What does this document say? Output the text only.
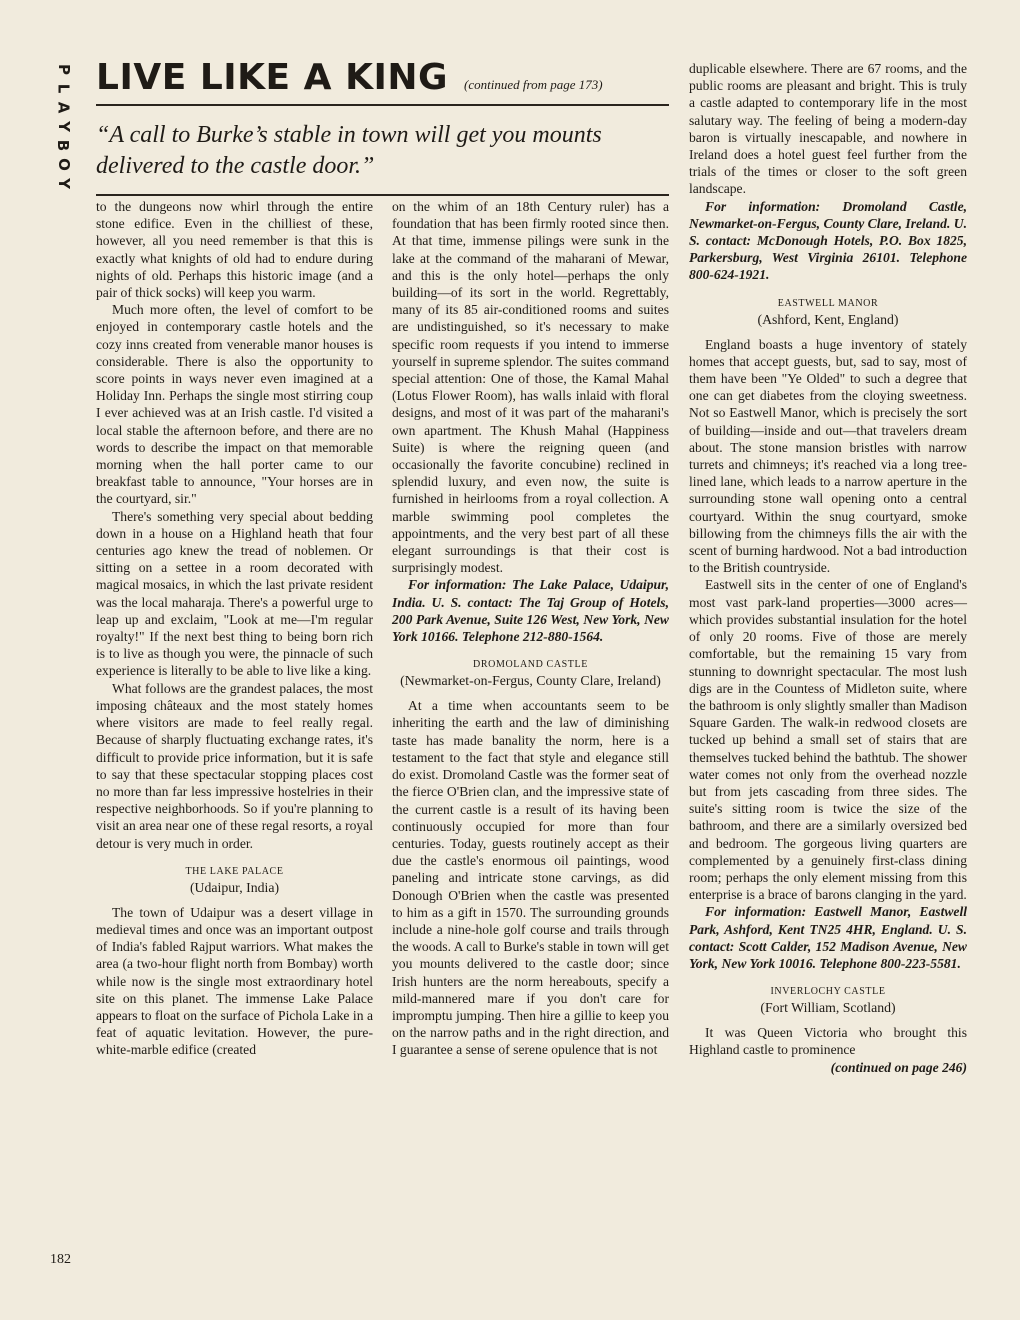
P
L
A
Y
B
O
Y
LIVE LIKE A KING (continued from page 173)
“A call to Burke’s stable in town will get you mounts delivered to the castle door.”

to the dungeons now whirl through the entire stone edifice. Even in the chilliest of these, however, all you need remember is that this is exactly what knights of old had to endure during nights of old. Perhaps this historic image (and a pair of thick socks) will keep you warm.

Much more often, the level of comfort to be enjoyed in contemporary castle hotels and the cozy inns created from venerable manor houses is considerable. There is also the opportunity to score points in ways never even imagined at a Holiday Inn. Perhaps the single most stirring coup I ever achieved was at an Irish castle. I'd visited a local stable the afternoon before, and there are no words to describe the impact on that memorable morning when the hall porter came to our breakfast table to announce, "Your horses are in the courtyard, sir."

There's something very special about bedding down in a house on a Highland heath that four centuries ago knew the tread of noblemen. Or sitting on a settee in a room decorated with magical mosaics, in which the last private resident was the local maharaja. There's a powerful urge to leap up and exclaim, "Look at me—I'm regular royalty!" If the next best thing to being born rich is to live as though you were, the pinnacle of such experience is literally to be able to live like a king.

What follows are the grandest palaces, the most imposing châteaux and the most stately homes where visitors are made to feel really regal. Because of sharply fluctuating exchange rates, it's difficult to provide price information, but it is safe to say that these spectacular stopping places cost no more than far less impressive hostelries in their respective neighborhoods. So if you're planning to visit an area near one of these regal resorts, a royal detour is very much in order.

THE LAKE PALACE
(Udaipur, India)

The town of Udaipur was a desert village in medieval times and once was an important outpost of India's fabled Rajput warriors. What makes the area (a two-hour flight north from Bombay) worth while now is the single most extraordinary hotel site on this planet. The immense Lake Palace appears to float on the surface of Pichola Lake in a feat of aquatic levitation. However, the pure-white-marble edifice (created

on the whim of an 18th Century ruler) has a foundation that has been firmly rooted since then. At that time, immense pilings were sunk in the lake at the command of the maharani of Mewar, and this is the only hotel—perhaps the only building—of its sort in the world. Regrettably, many of its 85 air-conditioned rooms and suites are undistinguished, so it's necessary to make specific room requests if you intend to immerse yourself in supreme splendor. The suites command special attention: One of those, the Kamal Mahal (Lotus Flower Room), has walls inlaid with floral designs, and most of it was part of the maharani's own apartment. The Khush Mahal (Happiness Suite) is where the reigning queen (and occasionally the favorite concubine) reclined in splendid luxury, and even now, the suite is furnished in heirlooms from a royal collection. A marble swimming pool completes the appointments, and the very best part of all these elegant surroundings is that their cost is surprisingly modest.

For information: The Lake Palace, Udaipur, India. U. S. contact: The Taj Group of Hotels, 200 Park Avenue, Suite 126 West, New York, New York 10166. Telephone 212-880-1564.

DROMOLAND CASTLE
(Newmarket-on-Fergus, County Clare, Ireland)

At a time when accountants seem to be inheriting the earth and the law of diminishing taste has made banality the norm, here is a testament to the fact that style and elegance still do exist. Dromoland Castle was the former seat of the fierce O'Brien clan, and the impressive state of the current castle is a result of its having been continuously occupied for more than four centuries. Today, guests routinely accept as their due the castle's enormous oil paintings, wood paneling and intricate stone carvings, as did Donough O'Brien when the castle was presented to him as a gift in 1570. The surrounding grounds include a nine-hole golf course and trails through the woods. A call to Burke's stable in town will get you mounts delivered to the castle door; since Irish hunters are the norm hereabouts, specify a mild-mannered mare if you don't care for impromptu jumping. Then hire a gillie to keep you on the narrow paths and in the right direction, and I guarantee a sense of serene opulence that is not

duplicable elsewhere. There are 67 rooms, and the public rooms are pleasant and bright. This is truly a castle adapted to contemporary life in the most salutary way. The feeling of being a modern-day baron is virtually inescapable, and nowhere in Ireland does a hotel guest feel further from the trials of the times or closer to the soft green landscape.

For information: Dromoland Castle, Newmarket-on-Fergus, County Clare, Ireland. U. S. contact: McDonough Hotels, P.O. Box 1825, Parkersburg, West Virginia 26101. Telephone 800-624-1921.

EASTWELL MANOR
(Ashford, Kent, England)

England boasts a huge inventory of stately homes that accept guests, but, sad to say, most of them have been "Ye Olded" to such a degree that one can get diabetes from the cloying sweetness. Not so Eastwell Manor, which is precisely the sort of building—inside and out—that travelers dream about. The stone mansion bristles with narrow turrets and chimneys; it's reached via a long tree-lined lane, which leads to a narrow aperture in the surrounding stone wall opening onto a central courtyard. Within the snug courtyard, smoke billowing from the chimneys fills the air with the scent of burning hardwood. Not a bad introduction to the British countryside.

Eastwell sits in the center of one of England's most vast park-land properties—3000 acres—which provides substantial insulation for the hotel of only 20 rooms. Five of those are merely comfortable, but the remaining 15 vary from stunning to downright spectacular. The most lush digs are in the Countess of Midleton suite, where the bathroom is only slightly smaller than Madison Square Garden. The walk-in redwood closets are tucked up behind a small set of stairs that are themselves tucked behind the bathtub. The shower water comes not only from the overhead nozzle but from jets cascading from three sides. The suite's sitting room is twice the size of the bathroom, and there are a similarly oversized bed and bedroom. The gorgeous living quarters are complemented by a genuinely first-class dining room; perhaps the only element missing from this enterprise is a brace of barons clanging in the yard.

For information: Eastwell Manor, Eastwell Park, Ashford, Kent TN25 4HR, England. U. S. contact: Scott Calder, 152 Madison Avenue, New York, New York 10016. Telephone 800-223-5581.

INVERLOCHY CASTLE
(Fort William, Scotland)

It was Queen Victoria who brought this Highland castle to prominence

(continued on page 246)

182
